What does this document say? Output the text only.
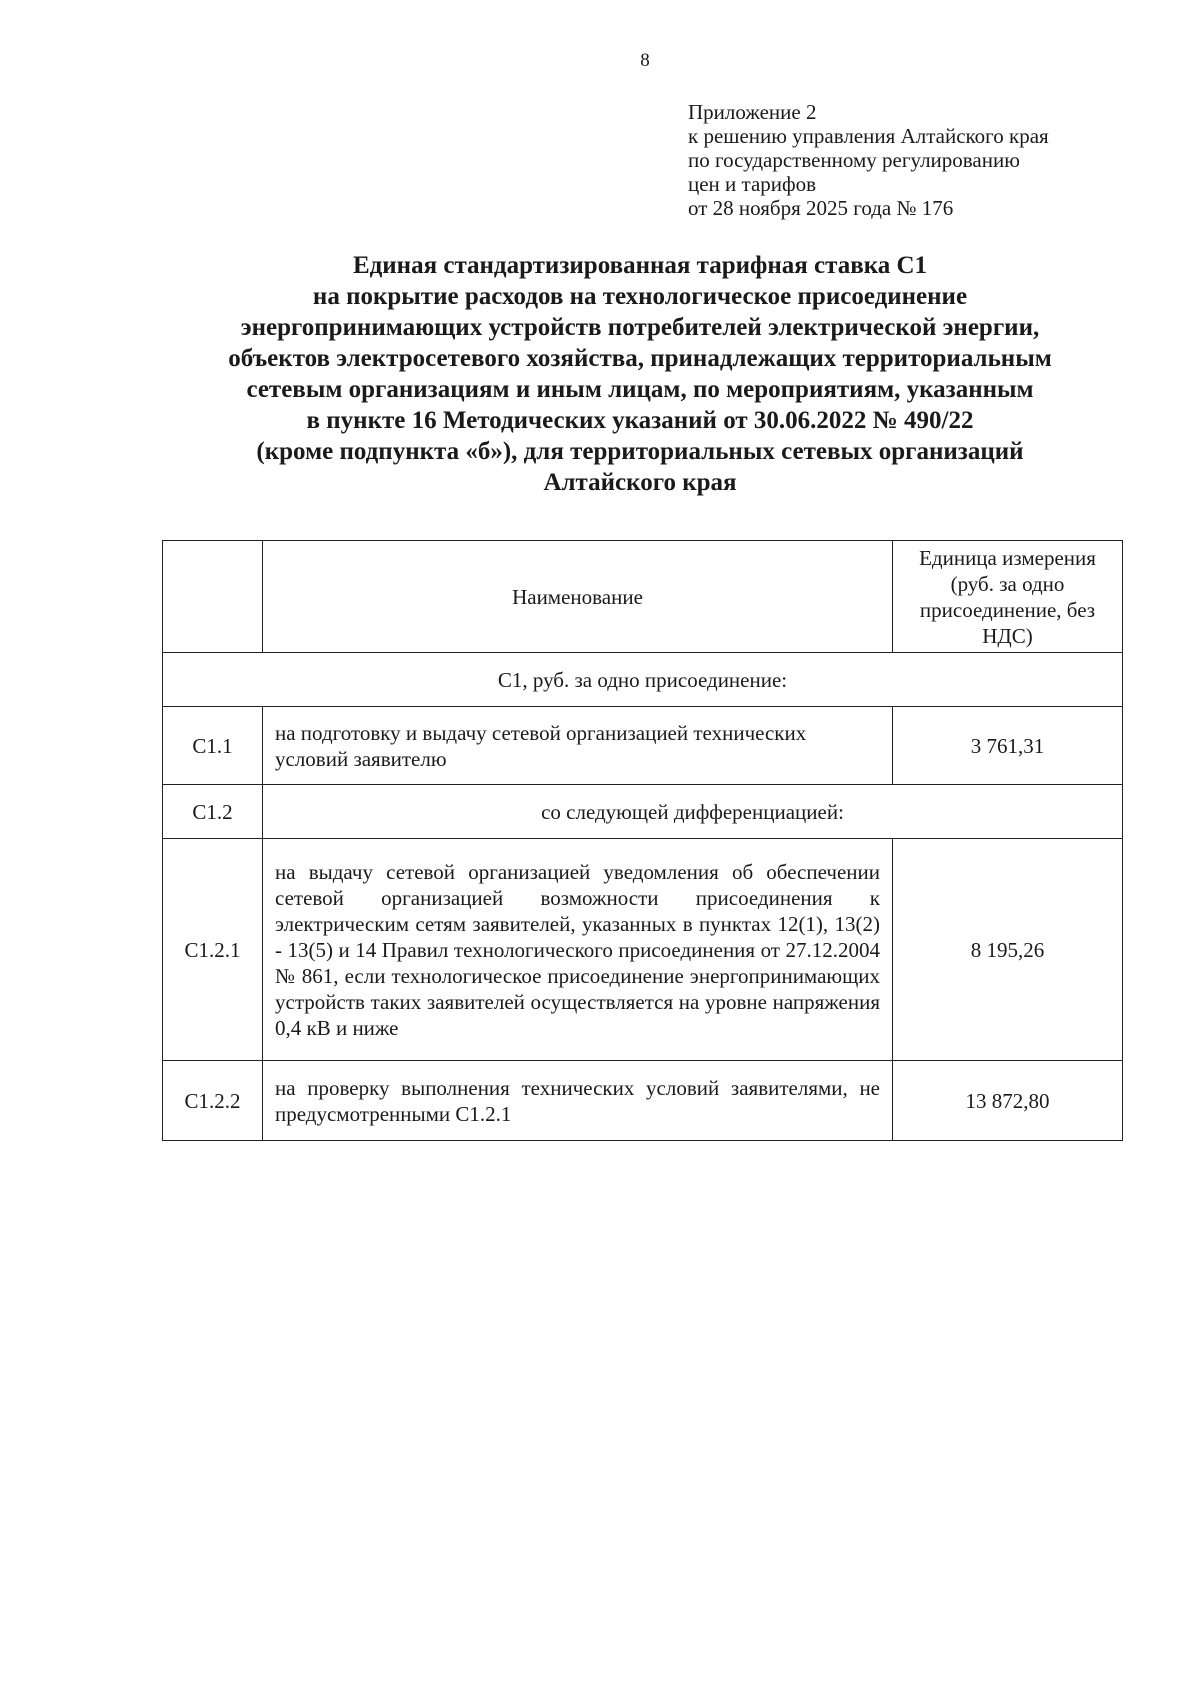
8
Приложение 2
к решению управления Алтайского края
по государственному регулированию
цен и тарифов
от 28 ноября 2025 года № 176
Единая стандартизированная тарифная ставка С1
на покрытие расходов на технологическое присоединение
энергопринимающих устройств потребителей электрической энергии,
объектов электросетевого хозяйства, принадлежащих территориальным
сетевым организациям и иным лицам, по мероприятиям, указанным
в пункте 16 Методических указаний от 30.06.2022 № 490/22
(кроме подпункта «б»), для территориальных сетевых организаций
Алтайского края
	Наименование	Единица измерения (руб. за одно присоединение, без НДС)
С1, руб. за одно присоединение:		
С1.1	на подготовку и выдачу сетевой организацией технических условий заявителю	3 761,31
С1.2	со следующей дифференциацией:	
С1.2.1	на выдачу сетевой организацией уведомления об обеспечении сетевой организацией возможности присоединения к электрическим сетям заявителей, указанных в пунктах 12(1), 13(2) - 13(5) и 14 Правил технологического присоединения от 27.12.2004 № 861, если технологическое присоединение энергопринимающих устройств таких заявителей осуществляется на уровне напряжения 0,4 кВ и ниже	8 195,26
С1.2.2	на проверку выполнения технических условий заявителями, не предусмотренными С1.2.1	13 872,80
